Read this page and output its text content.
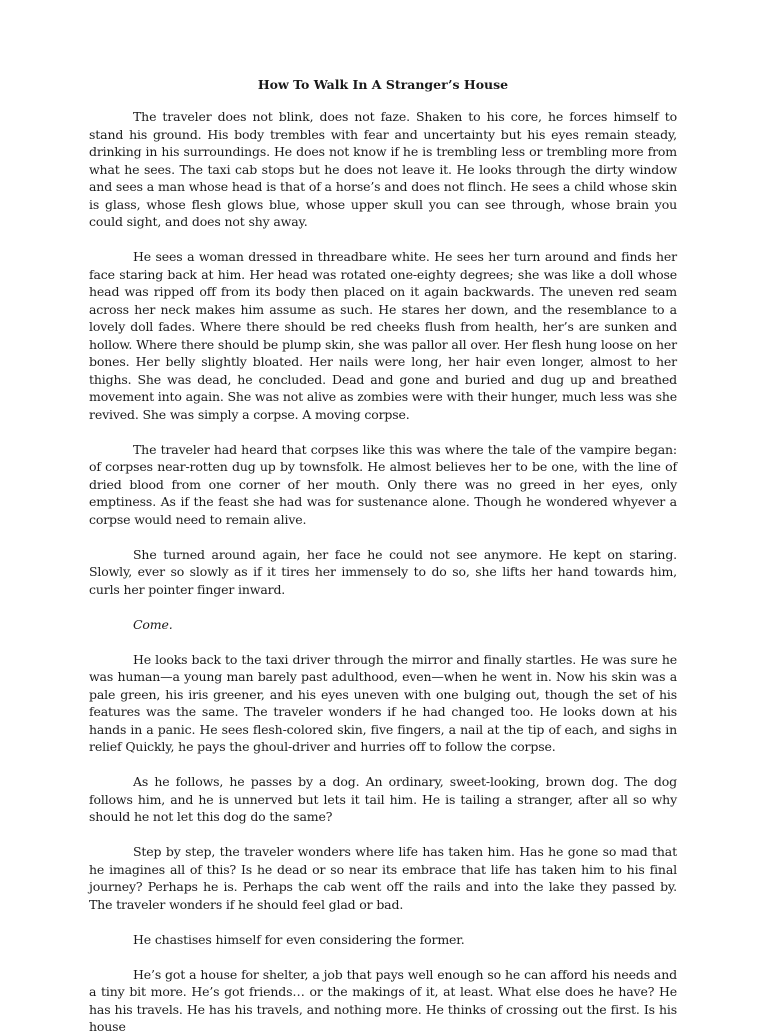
How To Walk In A Stranger’s House

The traveler does not blink, does not faze. Shaken to his core, he forces himself to stand his ground. His body trembles with fear and uncertainty but his eyes remain steady, drinking in his surroundings. He does not know if he is trembling less or trembling more from what he sees. The taxi cab stops but he does not leave it. He looks through the dirty window and sees a man whose head is that of a horse’s and does not flinch. He sees a child whose skin is glass, whose flesh glows blue, whose upper skull you can see through, whose brain you could sight, and does not shy away.

He sees a woman dressed in threadbare white. He sees her turn around and finds her face staring back at him. Her head was rotated one-eighty degrees; she was like a doll whose head was ripped off from its body then placed on it again backwards. The uneven red seam across her neck makes him assume as such. He stares her down, and the resemblance to a lovely doll fades. Where there should be red cheeks flush from health, her’s are sunken and hollow. Where there should be plump skin, she was pallor all over. Her flesh hung loose on her bones. Her belly slightly bloated. Her nails were long, her hair even longer, almost to her thighs. She was dead, he concluded. Dead and gone and buried and dug up and breathed movement into again. She was not alive as zombies were with their hunger, much less was she revived. She was simply a corpse. A moving corpse.

The traveler had heard that corpses like this was where the tale of the vampire began: of corpses near-rotten dug up by townsfolk. He almost believes her to be one, with the line of dried blood from one corner of her mouth. Only there was no greed in her eyes, only emptiness. As if the feast she had was for sustenance alone. Though he wondered whyever a corpse would need to remain alive.

She turned around again, her face he could not see anymore. He kept on staring. Slowly, ever so slowly as if it tires her immensely to do so, she lifts her hand towards him, curls her pointer finger inward.

Come.

He looks back to the taxi driver through the mirror and finally startles. He was sure he was human—a young man barely past adulthood, even—when he went in. Now his skin was a pale green, his iris greener, and his eyes uneven with one bulging out, though the set of his features was the same. The traveler wonders if he had changed too. He looks down at his hands in a panic. He sees flesh-colored skin, five fingers, a nail at the tip of each, and sighs in relief Quickly, he pays the ghoul-driver and hurries off to follow the corpse.

As he follows, he passes by a dog. An ordinary, sweet-looking, brown dog. The dog follows him, and he is unnerved but lets it tail him. He is tailing a stranger, after all so why should he not let this dog do the same?

Step by step, the traveler wonders where life has taken him. Has he gone so mad that he imagines all of this? Is he dead or so near its embrace that life has taken him to his final journey? Perhaps he is. Perhaps the cab went off the rails and into the lake they passed by. The traveler wonders if he should feel glad or bad.

He chastises himself for even considering the former.

He’s got a house for shelter, a job that pays well enough so he can afford his needs and a tiny bit more. He’s got friends… or the makings of it, at least. What else does he have? He has his travels. He has his travels, and nothing more. He thinks of crossing out the first. Is his house
